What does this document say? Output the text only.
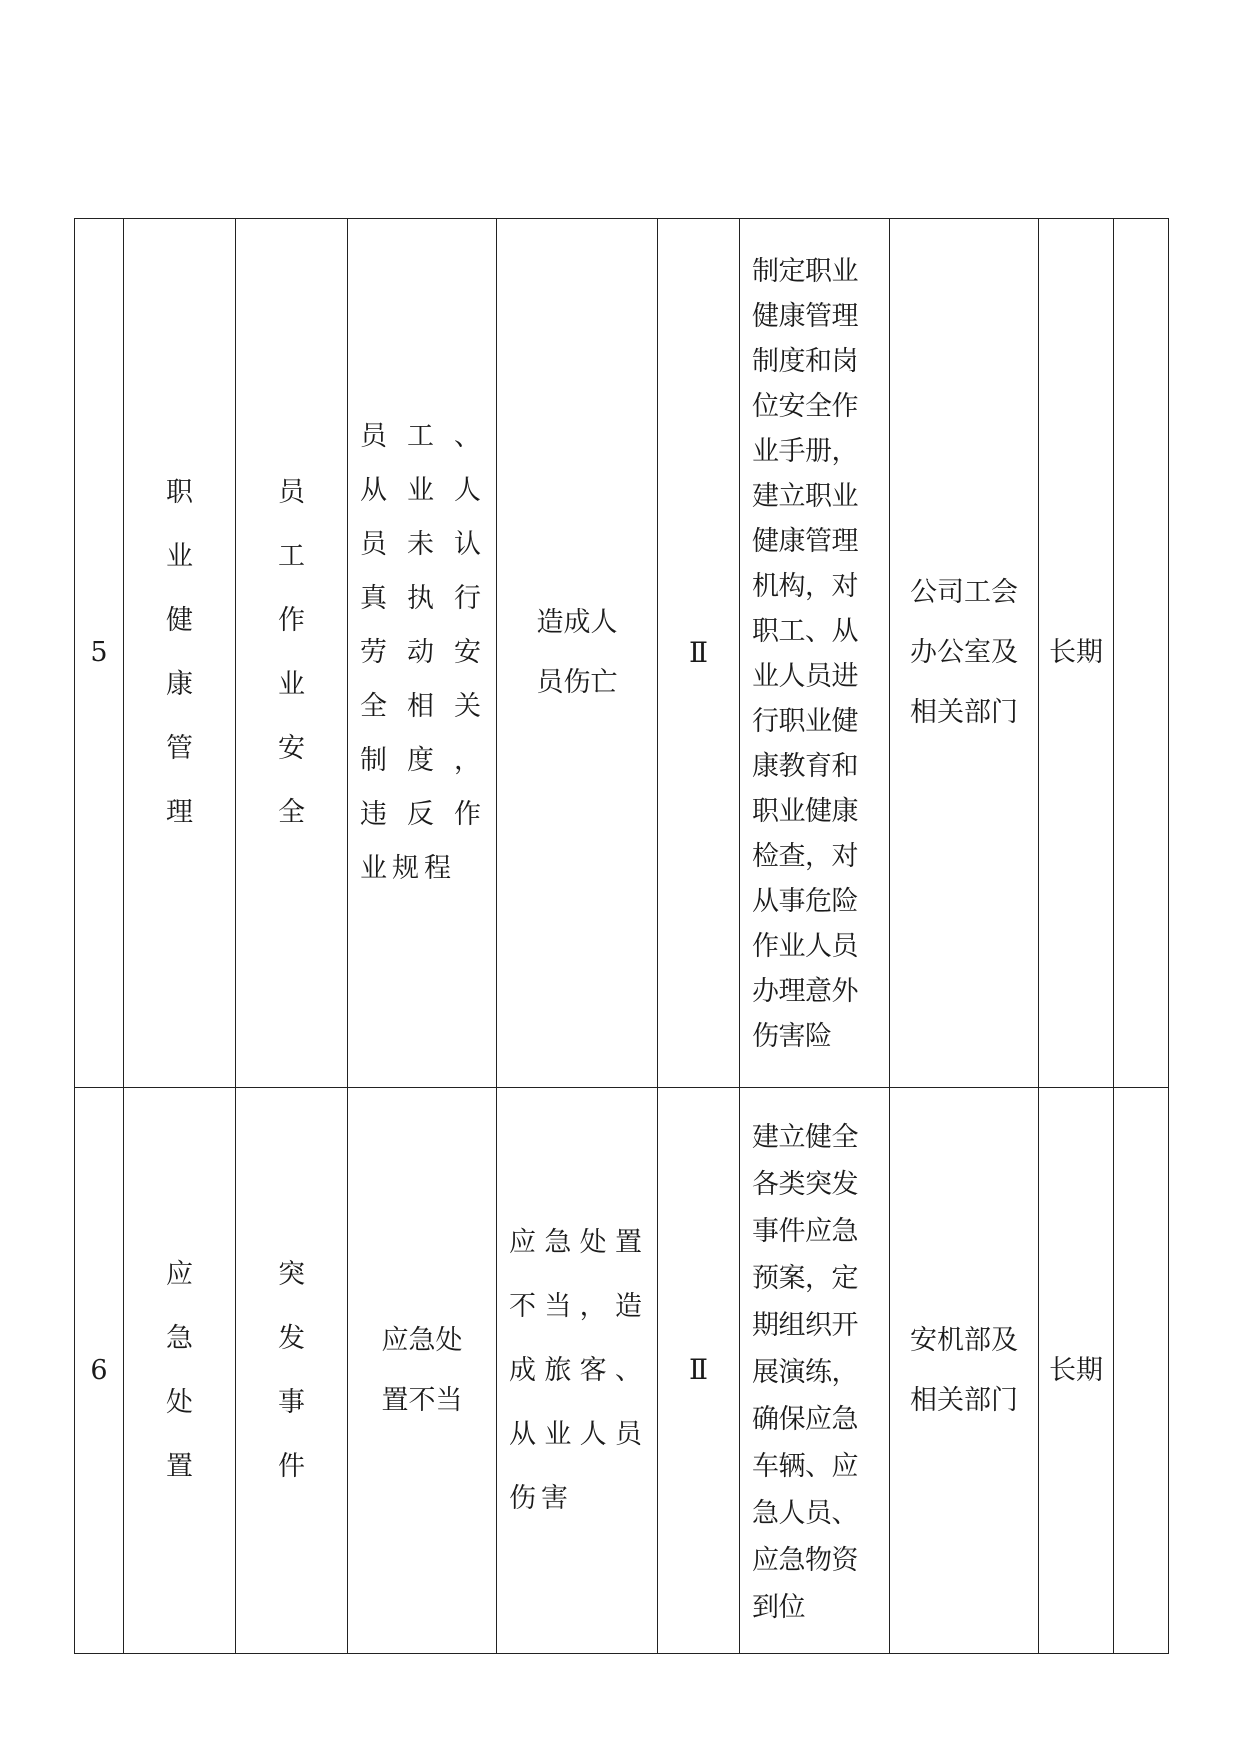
5	职业健康管理	员工作业安全	员工、从业人员未认真执行劳动安全相关制度，违反作业规程	造成人员伤亡	Ⅱ	制定职业健康管理制度和岗位安全作业手册，建立职业健康管理机构，对职工、从业人员进行职业健康教育和职业健康检查，对从事危险作业人员办理意外伤害险	公司工会办公室及相关部门	长期	
6	应急处置	突发事件	应急处置不当	应急处置不当，造成旅客、从业人员伤害	Ⅱ	建立健全各类突发事件应急预案，定期组织开展演练，确保应急车辆、应急人员、应急物资到位	安机部及相关部门	长期	
